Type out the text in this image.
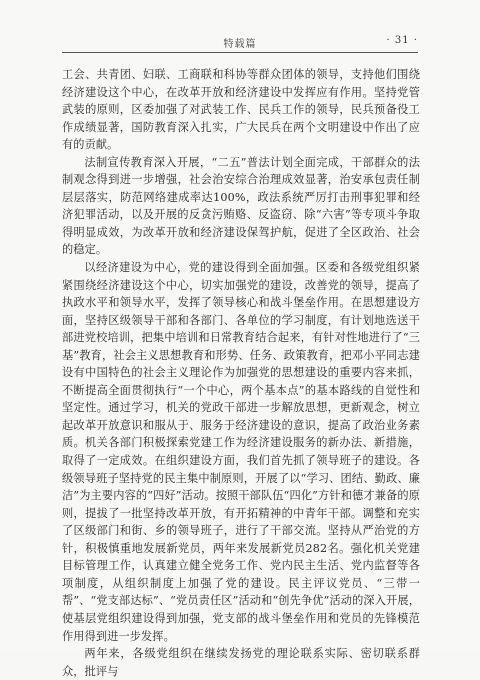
特载篇	· 31 ·

工会、共青团、妇联、工商联和科协等群众团体的领导，支持他们围绕经济建设这个中心，在改革开放和经济建设中发挥应有作用。坚持党管武装的原则，区委加强了对武装工作、民兵工作的领导，民兵预备役工作成绩显著，国防教育深入扎实，广大民兵在两个文明建设中作出了应有的贡献。

法制宣传教育深入开展，“二五”普法计划全面完成，干部群众的法制观念得到进一步增强，社会治安综合治理成效显著，治安承包责任制层层落实，防范网络建成率达100%，政法系统严厉打击刑事犯罪和经济犯罪活动，以及开展的反贪污贿赂、反盗窃、除“六害”等专项斗争取得明显成效，为改革开放和经济建设保驾护航，促进了全区政治、社会的稳定。

以经济建设为中心，党的建设得到全面加强。区委和各级党组织紧紧围绕经济建设这个中心，切实加强党的建设，改善党的领导，提高了执政水平和领导水平，发挥了领导核心和战斗堡垒作用。在思想建设方面，坚持区级领导干部和各部门、各单位的学习制度，有计划地选送干部进党校培训，把集中培训和日常教育结合起来，有针对性地进行了“三基”教育，社会主义思想教育和形势、任务、政策教育，把邓小平同志建设有中国特色的社会主义理论作为加强党的思想建设的重要内容来抓，不断提高全面贯彻执行“一个中心，两个基本点”的基本路线的自觉性和坚定性。通过学习，机关的党政干部进一步解放思想，更新观念，树立起改革开放意识和服从于、服务于经济建设的意识，提高了政治业务素质。机关各部门积极探索党建工作为经济建设服务的新办法、新措施，取得了一定成效。在组织建设方面，我们首先抓了领导班子的建设。各级领导班子坚持党的民主集中制原则，开展了以“学习、团结、勤政、廉洁”为主要内容的“四好”活动。按照干部队伍“四化”方针和德才兼备的原则，提拔了一批坚持改革开放，有开拓精神的中青年干部。调整和充实了区级部门和街、乡的领导班子，进行了干部交流。坚持从严治党的方针，积极慎重地发展新党员，两年来发展新党员282名。强化机关党建目标管理工作，认真建立健全党务工作、党内民主生活、党内监督等各项制度，从组织制度上加强了党的建设。民主评议党员、“三带一帮”、“党支部达标”、“党员责任区”活动和“创先争优”活动的深入开展，使基层党组织建设得到加强，党支部的战斗堡垒作用和党员的先锋模范作用得到进一步发挥。

两年来，各级党组织在继续发扬党的理论联系实际、密切联系群众，批评与
